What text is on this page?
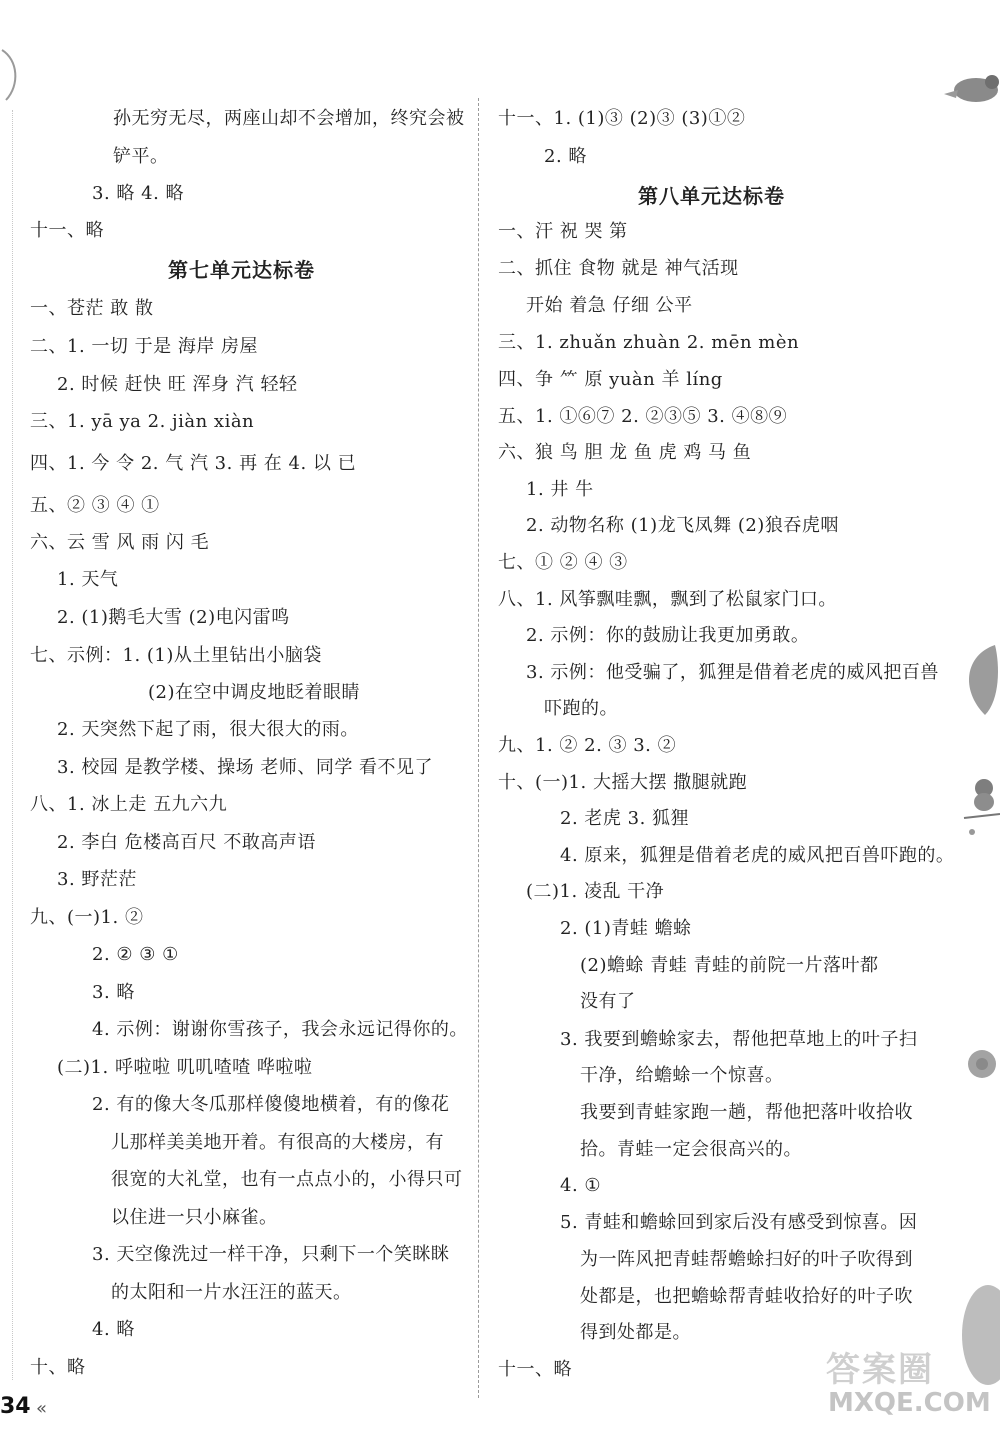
孙无穷无尽，两座山却不会增加，终究会被
铲平。
3. 略 4. 略
十一、略
第七单元达标卷
一、苍茫 敢 散
二、1. 一切 于是 海岸 房屋
2. 时候 赶快 旺 浑身 汽 轻轻
三、1. yā ya 2. jiàn xiàn
四、1. 今 令 2. 气 汽 3. 再 在 4. 以 已
五、② ③ ④ ①
六、云 雪 风 雨 闪 毛
1. 天气
2. (1)鹅毛大雪 (2)电闪雷鸣
七、示例：1. (1)从土里钻出小脑袋
(2)在空中调皮地眨着眼睛
2. 天突然下起了雨，很大很大的雨。
3. 校园 是教学楼、操场 老师、同学 看不见了
八、1. 冰上走 五九六九
2. 李白 危楼高百尺 不敢高声语
3. 野茫茫
九、(一)1. ②
2. ② ③ ①
3. 略
4. 示例：谢谢你雪孩子，我会永远记得你的。
(二)1. 呼啦啦 叽叽喳喳 哗啦啦
2. 有的像大冬瓜那样傻傻地横着，有的像花
儿那样美美地开着。有很高的大楼房，有
很宽的大礼堂，也有一点点小的，小得只可
以住进一只小麻雀。
3. 天空像洗过一样干净，只剩下一个笑眯眯
的太阳和一片水汪汪的蓝天。
4. 略
十、略
十一、1. (1)③ (2)③ (3)①②
2. 略
第八单元达标卷
一、汗 祝 哭 第
二、抓住 食物 就是 神气活现
开始 着急 仔细 公平
三、1. zhuǎn zhuàn 2. mēn mèn
四、争 ⺮ 原 yuàn 羊 líng
五、1. ①⑥⑦ 2. ②③⑤ 3. ④⑧⑨
六、狼 鸟 胆 龙 鱼 虎 鸡 马 鱼
1. 井 牛
2. 动物名称 (1)龙飞凤舞 (2)狼吞虎咽
七、① ② ④ ③
八、1. 风筝飘哇飘，飘到了松鼠家门口。
2. 示例：你的鼓励让我更加勇敢。
3. 示例：他受骗了，狐狸是借着老虎的威风把百兽
吓跑的。
九、1. ② 2. ③ 3. ②
十、(一)1. 大摇大摆 撒腿就跑
2. 老虎 3. 狐狸
4. 原来，狐狸是借着老虎的威风把百兽吓跑的。
(二)1. 凌乱 干净
2. (1)青蛙 蟾蜍
(2)蟾蜍 青蛙 青蛙的前院一片落叶都
没有了
3. 我要到蟾蜍家去，帮他把草地上的叶子扫
干净，给蟾蜍一个惊喜。
我要到青蛙家跑一趟，帮他把落叶收拾收
拾。青蛙一定会很高兴的。
4. ①
5. 青蛙和蟾蜍回到家后没有感受到惊喜。因
为一阵风把青蛙帮蟾蜍扫好的叶子吹得到
处都是，也把蟾蜍帮青蛙收拾好的叶子吹
得到处都是。
十一、略
34 «
答案圈
MXQE.COM
